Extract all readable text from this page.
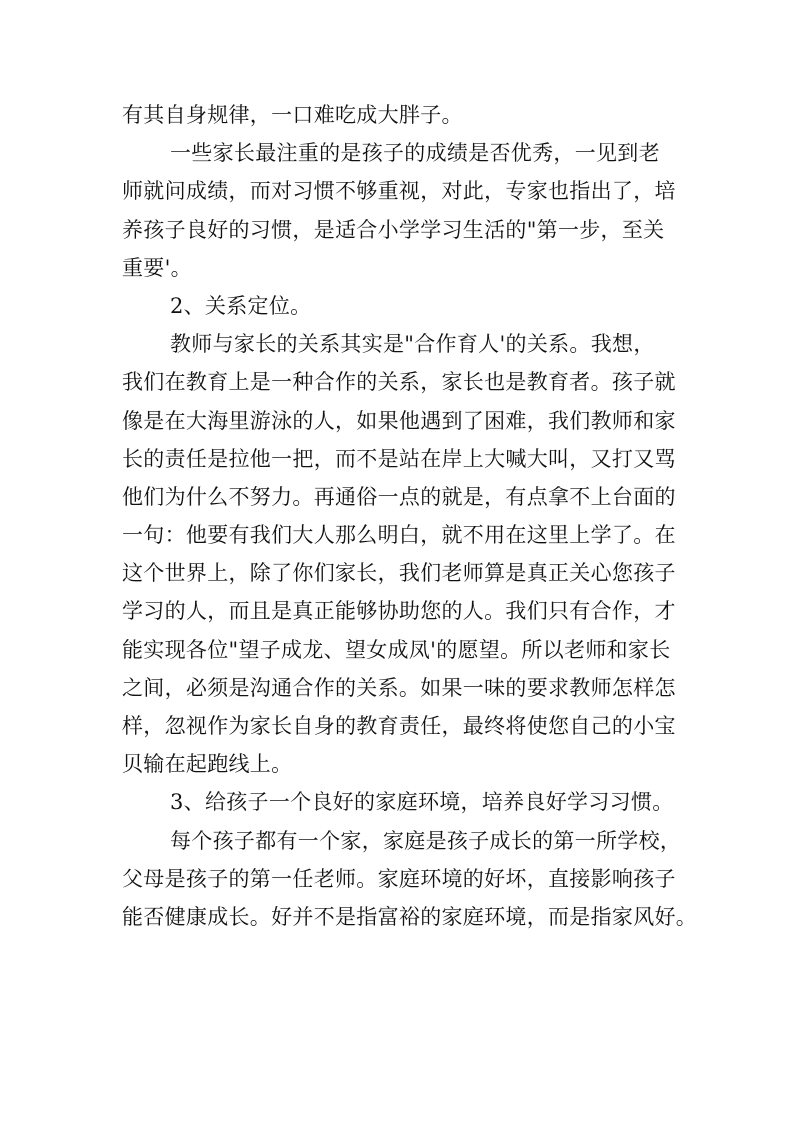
有其自身规律，一口难吃成大胖子。
一些家长最注重的是孩子的成绩是否优秀，一见到老
师就问成绩，而对习惯不够重视，对此，专家也指出了，培
养孩子良好的习惯，是适合小学学习生活的"第一步，至关
重要'。
2、关系定位。
教师与家长的关系其实是"合作育人'的关系。我想，
我们在教育上是一种合作的关系，家长也是教育者。孩子就
像是在大海里游泳的人，如果他遇到了困难，我们教师和家
长的责任是拉他一把，而不是站在岸上大喊大叫，又打又骂
他们为什么不努力。再通俗一点的就是，有点拿不上台面的
一句：他要有我们大人那么明白，就不用在这里上学了。在
这个世界上，除了你们家长，我们老师算是真正关心您孩子
学习的人，而且是真正能够协助您的人。我们只有合作，才
能实现各位"望子成龙、望女成凤'的愿望。所以老师和家长
之间，必须是沟通合作的关系。如果一味的要求教师怎样怎
样，忽视作为家长自身的教育责任，最终将使您自己的小宝
贝输在起跑线上。
3、给孩子一个良好的家庭环境，培养良好学习习惯。
每个孩子都有一个家，家庭是孩子成长的第一所学校，
父母是孩子的第一任老师。家庭环境的好坏，直接影响孩子
能否健康成长。好并不是指富裕的家庭环境，而是指家风好。
